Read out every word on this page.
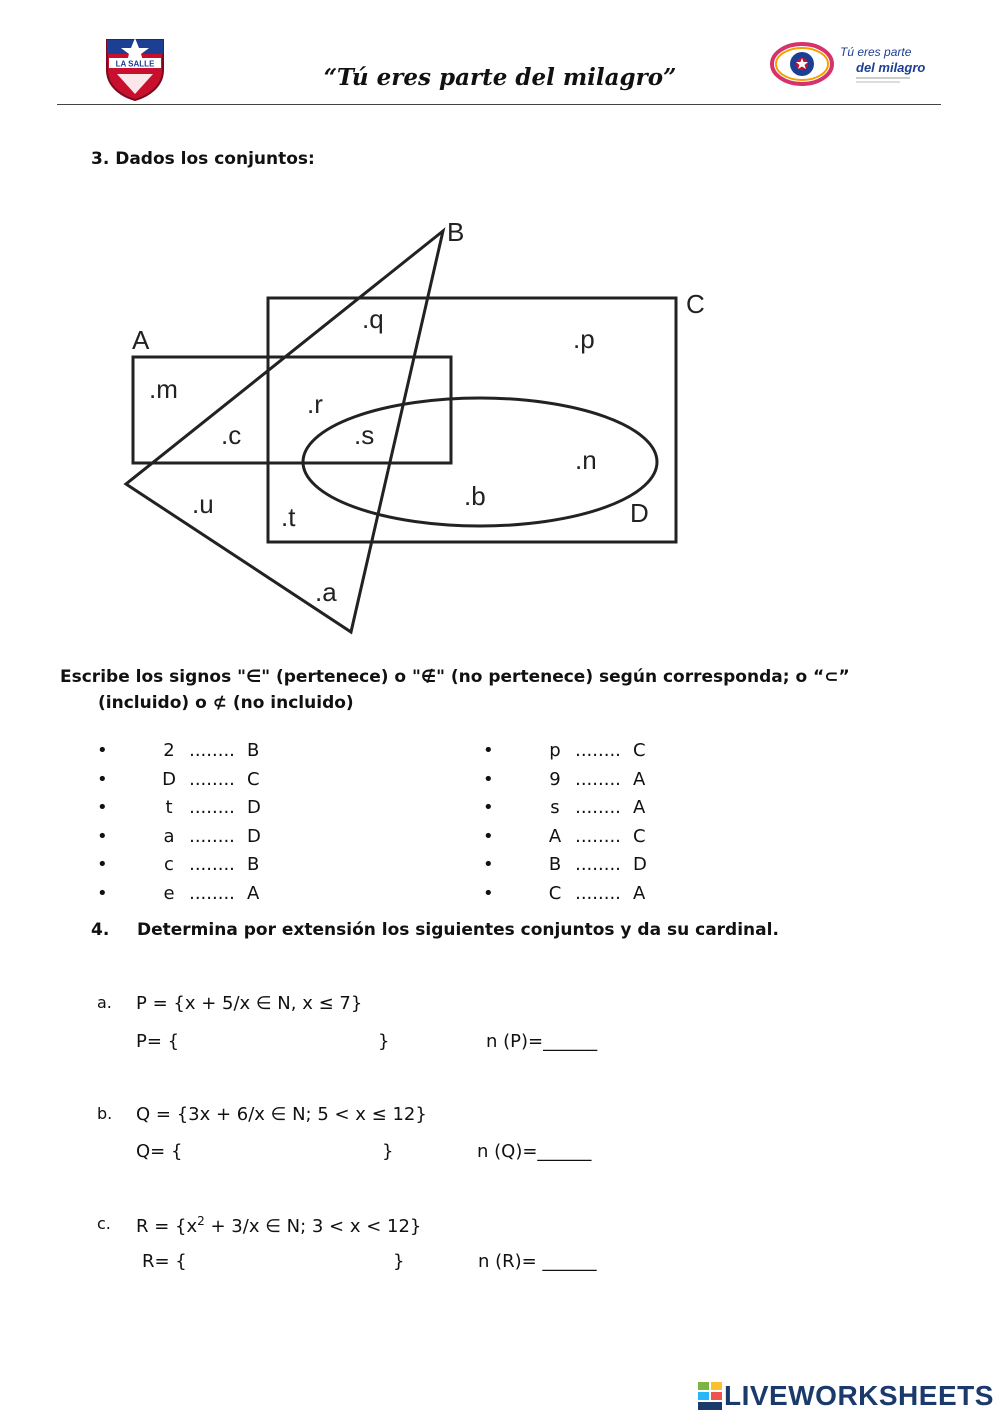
LA SALLE	“Tú eres parte del milagro”
Tú eres parte
del milagro
3. Dados los conjuntos:
B
C
A
D
.q
.p
.m	.r
.c	.s
.n
.u	.b
.t
.a
Escribe los signos "∈" (pertenece) o "∉" (no pertenece) según corresponda; o “⊂”
(incluido) o ⊄ (no incluido)
•	2 ........ B
•	D ........ C
•	t ........ D
•	a ........ D
•	c ........ B
•	e ........ A
•	p ........ C
•	9 ........ A
•	s ........ A
•	A ........ C
•	B ........ D
•	C ........ A
4. Determina por extensión los siguientes conjuntos y da su cardinal.
a. P = {x + 5/x ∈ N, x ≤ 7}
P= {	}	n (P)=______
b. Q = {3x + 6/x ∈ N; 5 < x ≤ 12}
Q= {	}	n (Q)=______
c. $R = \{x^2 + 3/x$ ∈ N; 3 < x < 12}
R= {	}	n (R)= ______
LIVEWORKSHEETS
